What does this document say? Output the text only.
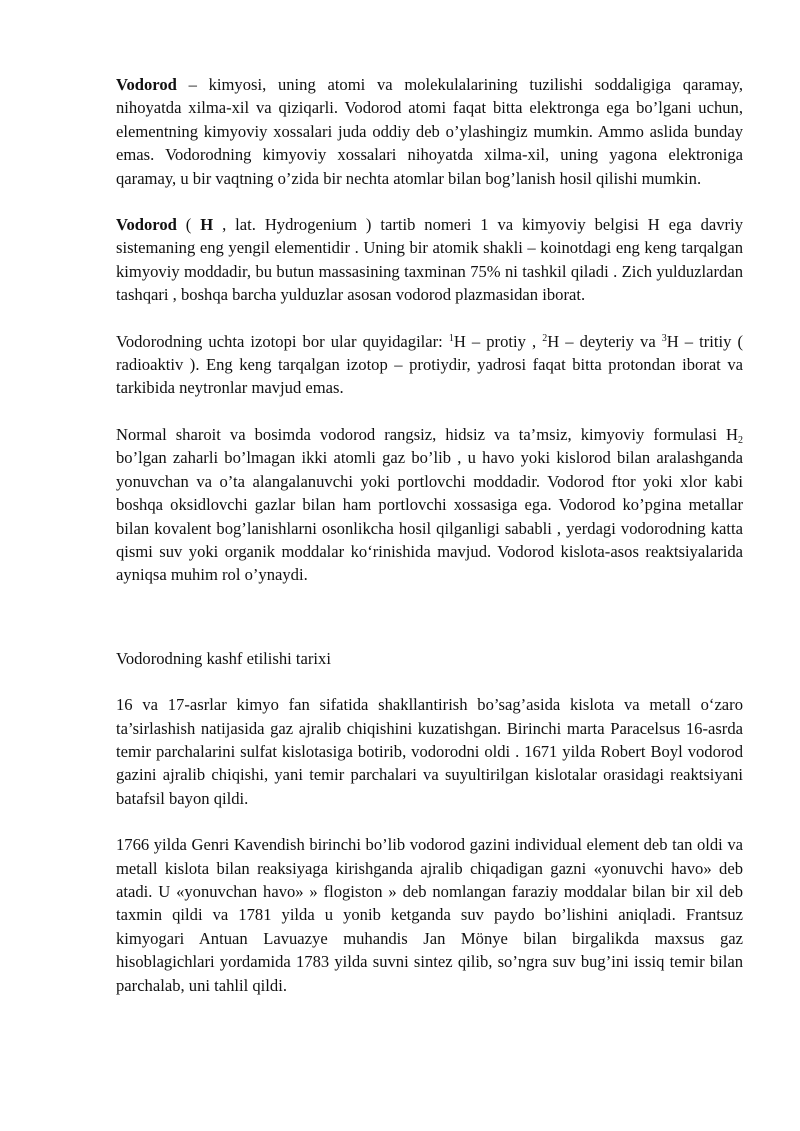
Vodorod – kimyosi, uning atomi va molekulalarining tuzilishi soddaligiga qaramay, nihoyatda xilma-xil va qiziqarli. Vodorod atomi faqat bitta elektronga ega bo’lgani uchun, elementning kimyoviy xossalari juda oddiy deb o’ylashingiz mumkin. Ammo aslida bunday emas. Vodorodning kimyoviy xossalari nihoyatda xilma-xil, uning yagona elektroniga qaramay, u bir vaqtning o’zida bir nechta atomlar bilan bog’lanish hosil qilishi mumkin.

Vodorod ( H , lat. Hydrogenium ) tartib nomeri 1 va kimyoviy belgisi H ega davriy sistemaning eng yengil elementidir . Uning bir atomik shakli – koinotdagi eng keng tarqalgan kimyoviy moddadir, bu butun massasining taxminan 75% ni tashkil qiladi . Zich yulduzlardan tashqari , boshqa barcha yulduzlar asosan vodorod plazmasidan iborat.

Vodorodning uchta izotopi bor ular quyidagilar: $^1$H – protiy , $^2$H – deyteriy va $^3$H – tritiy ( radioaktiv ). Eng keng tarqalgan izotop – protiydir, yadrosi faqat bitta protondan iborat va tarkibida neytronlar mavjud emas.

Normal sharoit va bosimda vodorod rangsiz, hidsiz va ta’msiz, kimyoviy formulasi $H_2$ bo’lgan zaharli bo’lmagan ikki atomli gaz bo’lib , u havo yoki kislorod bilan aralashganda yonuvchan va o’ta alangalanuvchi yoki portlovchi moddadir. Vodorod ftor yoki xlor kabi boshqa oksidlovchi gazlar bilan ham portlovchi xossasiga ega. Vodorod ko’pgina metallar bilan kovalent bog’lanishlarni osonlikcha hosil qilganligi sababli , yerdagi vodorodning katta qismi suv yoki organik moddalar ko‘rinishida mavjud. Vodorod kislota-asos reaktsiyalarida ayniqsa muhim rol o’ynaydi.

Vodorodning kashf etilishi tarixi

16 va 17-asrlar kimyo fan sifatida shakllantirish bo’sag’asida kislota va metall o‘zaro ta’sirlashish natijasida gaz ajralib chiqishini kuzatishgan. Birinchi marta Paracelsus 16-asrda temir parchalarini sulfat kislotasiga botirib, vodorodni oldi . 1671 yilda Robert Boyl vodorod gazini ajralib chiqishi, yani temir parchalari va suyultirilgan kislotalar orasidagi reaktsiyani batafsil bayon qildi.

1766 yilda Genri Kavendish birinchi bo’lib vodorod gazini individual element deb tan oldi va metall kislota bilan reaksiyaga kirishganda ajralib chiqadigan gazni «yonuvchi havo» deb atadi. U «yonuvchan havo» » flogiston » deb nomlangan faraziy moddalar bilan bir xil deb taxmin qildi va 1781 yilda u yonib ketganda suv paydo bo’lishini aniqladi. Frantsuz kimyogari Antuan Lavuazye muhandis Jan Mönye bilan birgalikda maxsus gaz hisoblagichlari yordamida 1783 yilda suvni sintez qilib, so’ngra suv bug’ini issiq temir bilan parchalab, uni tahlil qildi.
